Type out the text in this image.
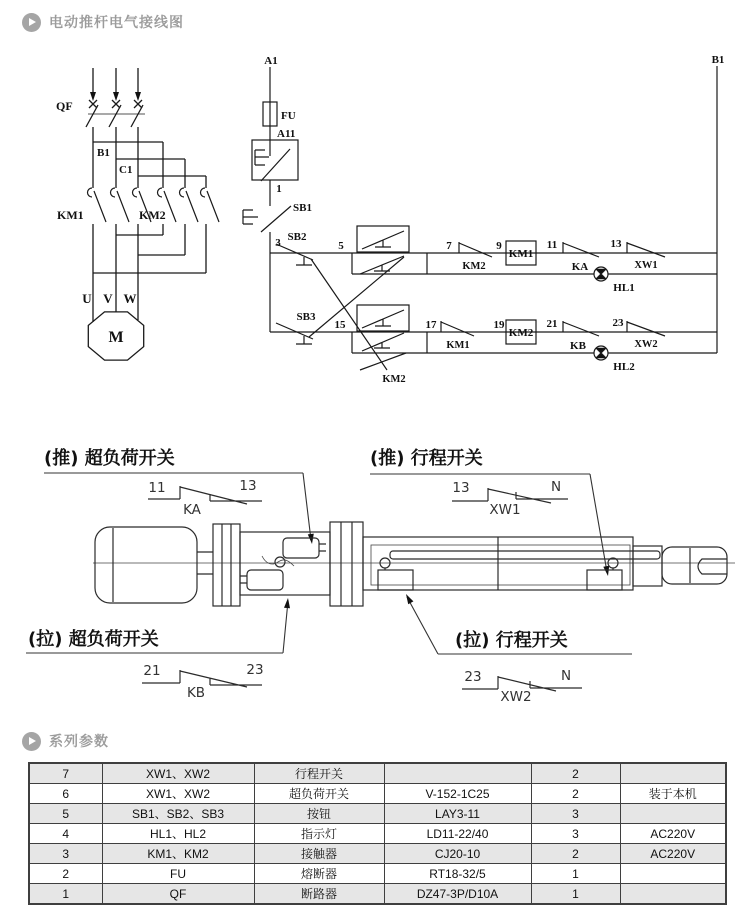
电动推杆电气接线图
QF
B1
C1
KM1	KM2
U V W
M
A1	B1
FU
A11
1
SB1
3 SB2
5	7
KM2
9
KM1
11
KA
13
XW1
HL1
SB3
15	17
KM1
19
KM2
21
KB
23
XW2
HL2
KM2
(推) 超负荷开关	(推) 行程开关
(拉) 超负荷开关	(拉) 行程开关
11	13
KA
13	N
XW1
21	23
KB
23	N
XW2
系列参数
7	XW1、XW2	行程开关		2	
6	XW1、XW2	超负荷开关	V-152-1C25	2	装于本机
5	SB1、SB2、SB3	按钮	LAY3-11	3	
4	HL1、HL2	指示灯	LD11-22/40	3	AC220V
3	KM1、KM2	接触器	CJ20-10	2	AC220V
2	FU	熔断器	RT18-32/5	1	
1	QF	断路器	DZ47-3P/D10A	1	
